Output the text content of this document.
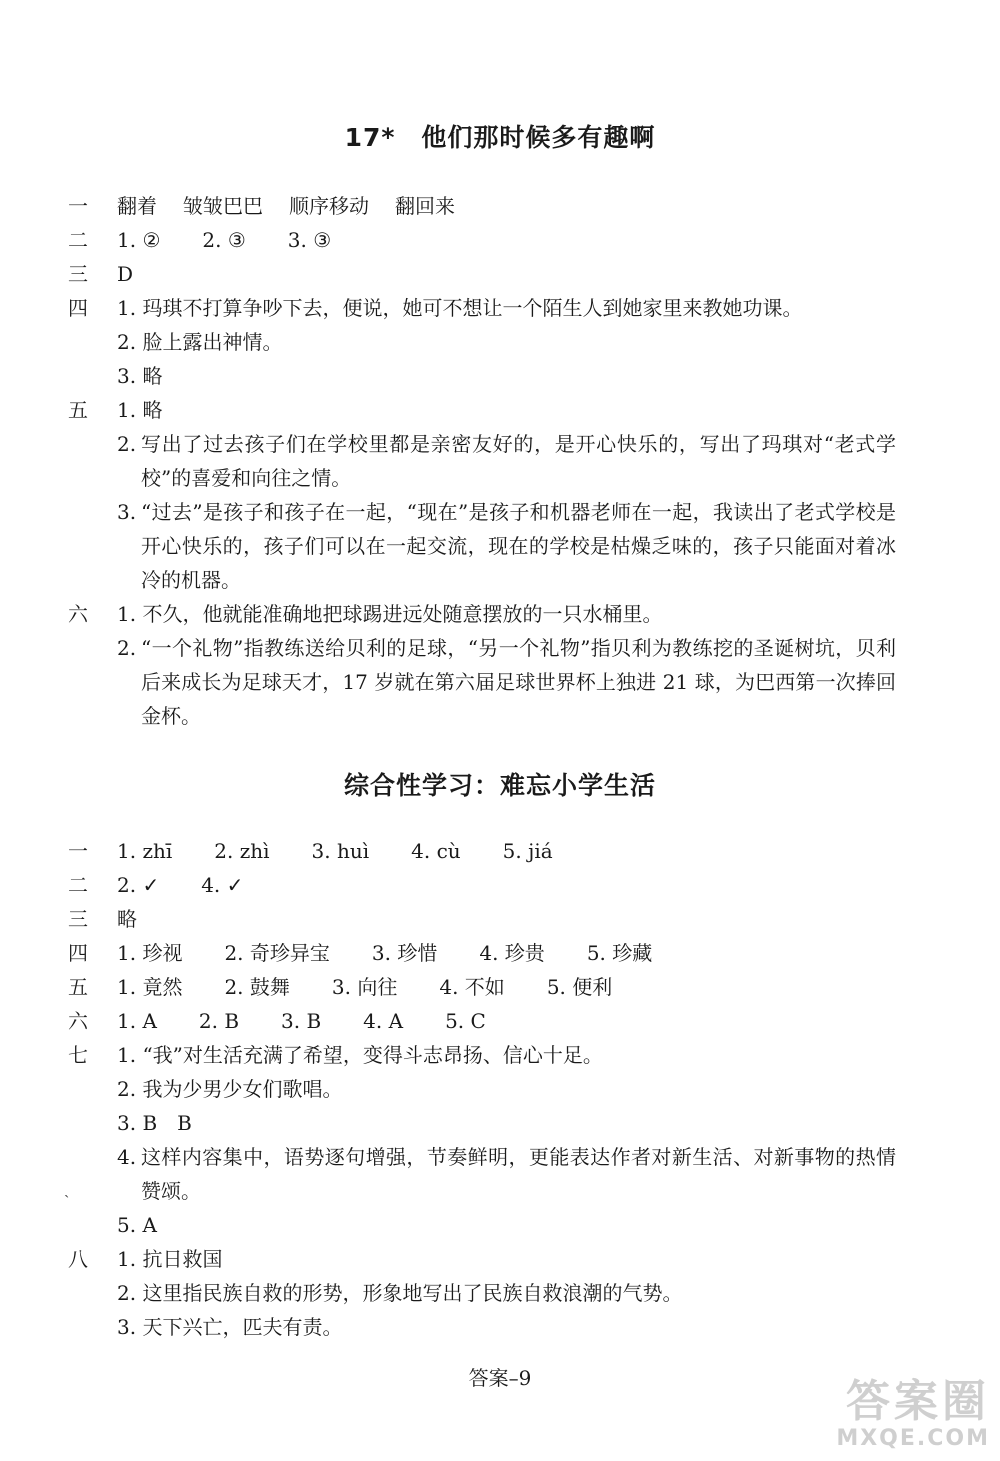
17*　他们那时候多有趣啊
一 翻着 皱皱巴巴 顺序移动 翻回来
二 1. ② 2. ③ 3. ③
三 D
四 1. 玛琪不打算争吵下去，便说，她可不想让一个陌生人到她家里来教她功课。
2. 脸上露出神情。
3. 略
五 1. 略
2. 写出了过去孩子们在学校里都是亲密友好的，是开心快乐的，写出了玛琪对“老式学校”的喜爱和向往之情。
3. “过去”是孩子和孩子在一起，“现在”是孩子和机器老师在一起，我读出了老式学校是开心快乐的，孩子们可以在一起交流，现在的学校是枯燥乏味的，孩子只能面对着冰冷的机器。
六 1. 不久，他就能准确地把球踢进远处随意摆放的一只水桶里。
2. “一个礼物”指教练送给贝利的足球，“另一个礼物”指贝利为教练挖的圣诞树坑，贝利后来成长为足球天才，17 岁就在第六届足球世界杯上独进 21 球，为巴西第一次捧回金杯。
综合性学习：难忘小学生活
一 1. zhī 2. zhì 3. huì 4. cù 5. jiá
二 2. ✓ 4. ✓
三 略
四 1. 珍视 2. 奇珍异宝 3. 珍惜 4. 珍贵 5. 珍藏
五 1. 竟然 2. 鼓舞 3. 向往 4. 不如 5. 便利
六 1. A 2. B 3. B 4. A 5. C
七 1. “我”对生活充满了希望，变得斗志昂扬、信心十足。
2. 我为少男少女们歌唱。
3. B　B
4. 这样内容集中，语势逐句增强，节奏鲜明，更能表达作者对新生活、对新事物的热情赞颂。
5. A
八 1. 抗日救国
2. 这里指民族自救的形势，形象地写出了民族自救浪潮的气势。
3. 天下兴亡，匹夫有责。
˴
答案–9	答案圈
MXQE.COM
